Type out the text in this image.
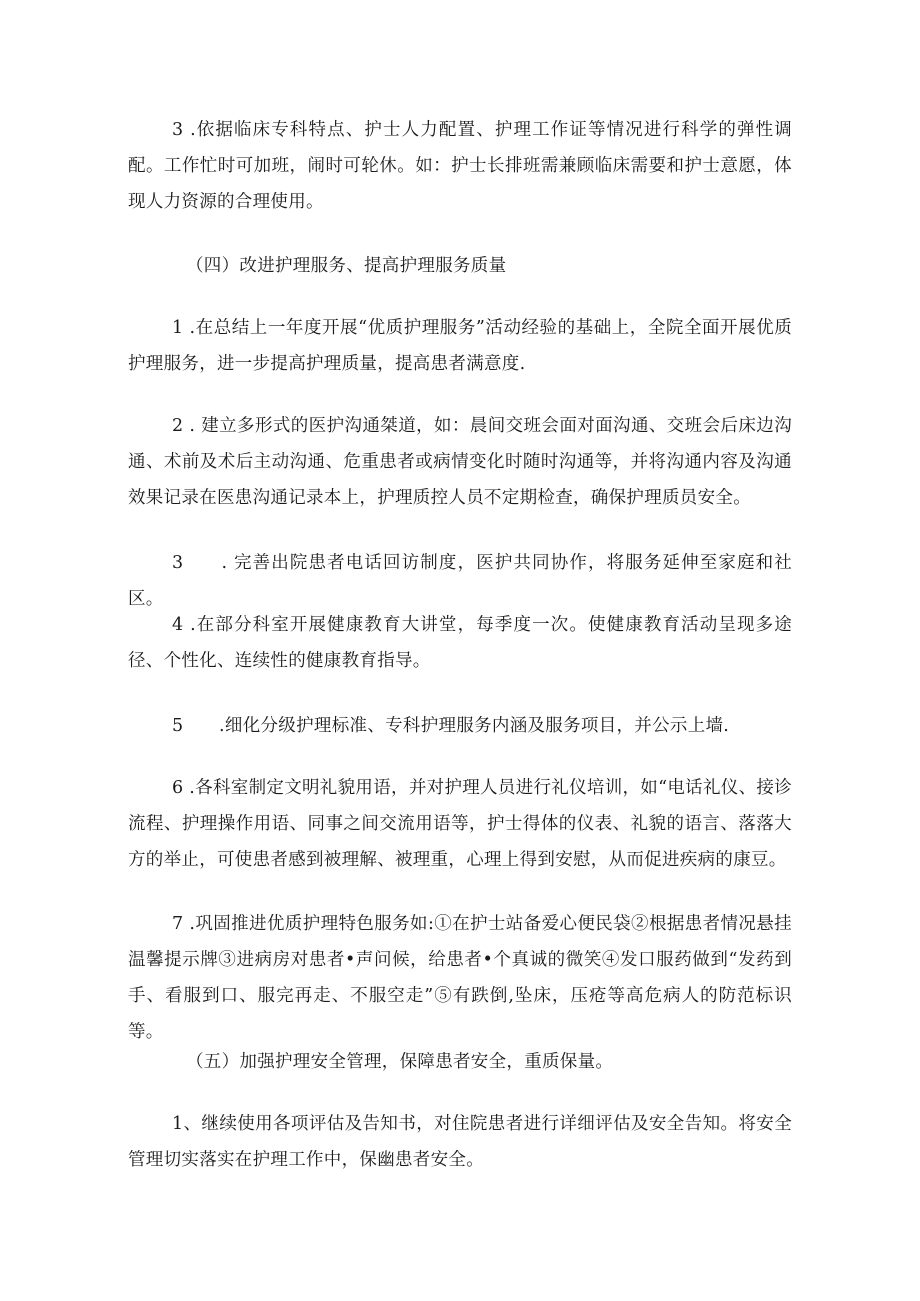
3 .依据临床专科特点、护士人力配置、护理工作证等情况进行科学的弹性调配。工作忙时可加班，闹时可轮休。如：护士长排班需兼顾临床需要和护士意愿，体现人力资源的合理使用。

（四）改进护理服务、提高护理服务质量

1 .在总结上一年度开展“优质护理服务”活动经验的基础上，全院全面开展优质护理服务，进一步提高护理质量，提高患者满意度.

2 . 建立多形式的医护沟通桀道，如：晨间交班会面对面沟通、交班会后床边沟通、术前及术后主动沟通、危重患者或病情变化时随时沟通等，并将沟通内容及沟通效果记录在医患沟通记录本上，护理质控人员不定期检查，确保护理质员安全。

3　　. 完善出院患者电话回访制度，医护共同协作，将服务延伸至家庭和社区。

4 .在部分科室开展健康教育大讲堂，每季度一次。使健康教育活动呈现多途径、个性化、连续性的健康教育指导。

5　　.细化分级护理标准、专科护理服务内涵及服务项目，并公示上墙.

6 .各科室制定文明礼貌用语，并对护理人员进行礼仪培训，如“电话礼仪、接诊流程、护理操作用语、同事之间交流用语等，护士得体的仪表、礼貌的语言、落落大方的举止，可使患者感到被理解、被理重，心理上得到安慰，从而促进疾病的康豆。

7 .巩固推进优质护理特色服务如:①在护士站备爱心便民袋②根据患者情况悬挂温馨提示牌③进病房对患者•声问候，给患者•个真诚的微笑④发口服药做到“发药到手、看服到口、服完再走、不服空走”⑤有跌倒,坠床，压疮等高危病人的防范标识等。

（五）加强护理安全管理，保障患者安全，重质保量。

1、继续使用各项评估及告知书，对住院患者进行详细评估及安全告知。将安全管理切实落实在护理工作中，保幽患者安全。
